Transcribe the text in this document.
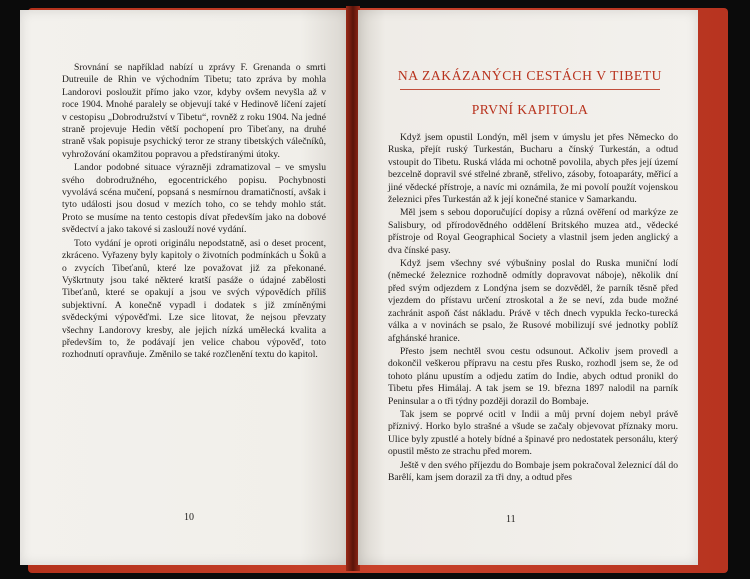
Srovnání se například nabízí u zprávy F. Grenanda o smrti Dutreuile de Rhin ve východním Tibetu; tato zpráva by mohla Landorovi posloužit přímo jako vzor, kdyby ovšem nevyšla až v roce 1904. Mnohé paralely se objevují také v Hedinově líčení zajetí v cestopisu „Dobrodružství v Tibetu“, rovněž z roku 1904. Na jedné straně projevuje Hedin větší pochopení pro Tibeťany, na druhé straně však popisuje psychický teror ze strany tibetských válečníků, vyhrožování okamžitou popravou a předstíranými útoky.

Landor podobné situace výrazněji zdramatizoval – ve smyslu svého dobrodružného, egocentrického popisu. Pochybnosti vyvolává scéna mučení, popsaná s nesmírnou dramatičností, avšak i tyto události jsou dosud v mezích toho, co se tehdy mohlo stát. Proto se musíme na tento cestopis dívat především jako na dobové svědectví a jako takové si zaslouží nové vydání.

Toto vydání je oproti originálu nepodstatně, asi o deset procent, zkráceno. Vyřazeny byly kapitoly o životních podmínkách u Šoků a o zvycích Tibeťanů, které lze považovat již za překonané. Vyškrtnuty jsou také některé kratší pasáže o údajné zabělosti Tibeťanů, které se opakují a jsou ve svých výpovědích příliš subjektivní. A konečně vypadl i dodatek s již zmíněnými svědeckými výpověďmi. Lze sice litovat, že nejsou převzaty všechny Landorovy kresby, ale jejich nízká umělecká kvalita a především to, že podávají jen velice chabou výpověď, toto rozhodnutí opravňuje. Změnilo se také rozčlenění textu do kapitol.

10
NA ZAKÁZANÝCH CESTÁCH V TIBETU
PRVNÍ KAPITOLA

Když jsem opustil Londýn, měl jsem v úmyslu jet přes Německo do Ruska, přejít ruský Turkestán, Bucharu a čínský Turkestán, a odtud vstoupit do Tibetu. Ruská vláda mi ochotně povolila, abych přes její území bezcelně dopravil své střelné zbraně, střelivo, zásoby, fotoaparáty, měřicí a jiné vědecké přístroje, a navíc mi oznámila, že mi povolí použít vojenskou železnici přes Turkestán až k její konečné stanice v Samarkandu.

Měl jsem s sebou doporučující dopisy a různá ověření od markýze ze Salisbury, od přírodovědného oddělení Britského muzea atd., vědecké přístroje od Royal Geographical Society a vlastnil jsem jeden anglický a dva čínské pasy.

Když jsem všechny své výbušniny poslal do Ruska muniční lodí (německé železnice rozhodně odmítly dopravovat náboje), několik dní před svým odjezdem z Londýna jsem se dozvěděl, že parník těsně před vjezdem do přístavu určení ztroskotal a že se neví, zda bude možné zachránit aspoň část nákladu. Právě v těch dnech vypukla řecko-turecká válka a v novinách se psalo, že Rusové mobilizují své jednotky poblíž afghánské hranice.

Přesto jsem nechtěl svou cestu odsunout. Ačkoliv jsem provedl a dokončil veškerou přípravu na cestu přes Rusko, rozhodl jsem se, že od tohoto plánu upustím a odjedu zatím do Indie, abych odtud pronikl do Tibetu přes Himálaj. A tak jsem se 19. března 1897 nalodil na parník Peninsular a o tři týdny později dorazil do Bombaje.

Tak jsem se poprvé ocitl v Indii a můj první dojem nebyl právě příznivý. Horko bylo strašné a všude se začaly objevovat příznaky moru. Ulice byly zpustlé a hotely bídné a špinavé pro nedostatek personálu, který opustil město ze strachu před morem.

Ještě v den svého příjezdu do Bombaje jsem pokračoval železnicí dál do Barêlí, kam jsem dorazil za tři dny, a odtud přes

11
